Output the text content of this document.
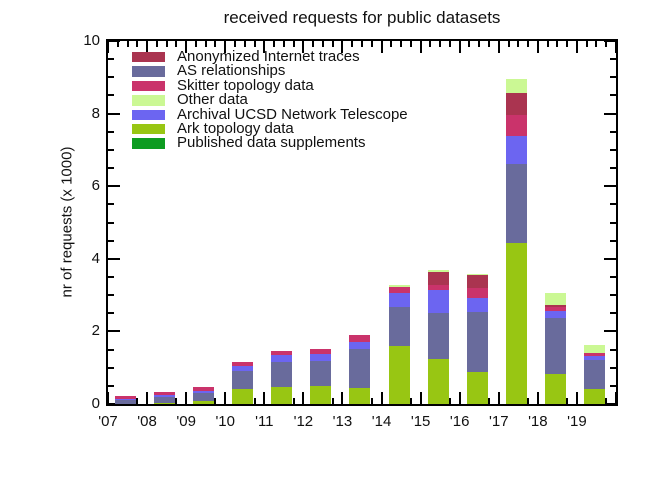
received requests for public datasets
nr of requests (x 1000)
Anonymized Internet traces
AS relationships
Skitter topology data
Other data
Archival UCSD Network Telescope
Ark topology data
Published data supplements
0
2
4
6
8
10
'07 '08 '09 '10 '11 '12 '13 '14 '15 '16 '17 '18 '19
